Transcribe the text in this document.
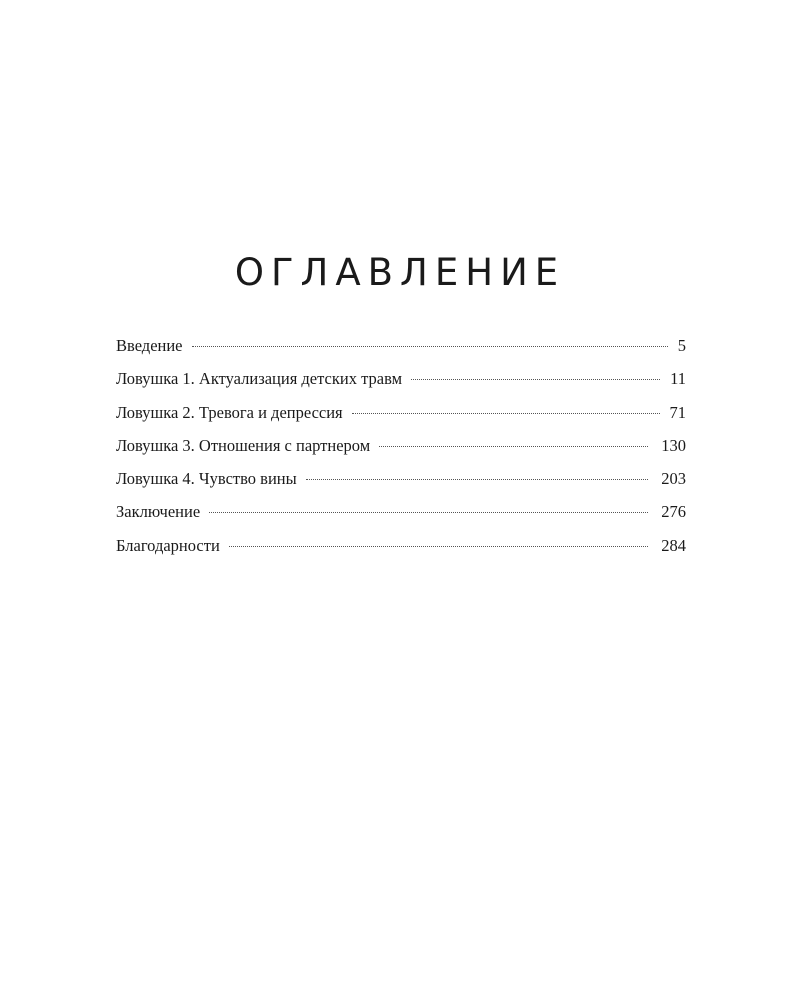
ОГЛАВЛЕНИЕ
Введение	5
Ловушка 1. Актуализация детских травм	11
Ловушка 2. Тревога и депрессия	71
Ловушка 3. Отношения с партнером	130
Ловушка 4. Чувство вины	203
Заключение	276
Благодарности	284
